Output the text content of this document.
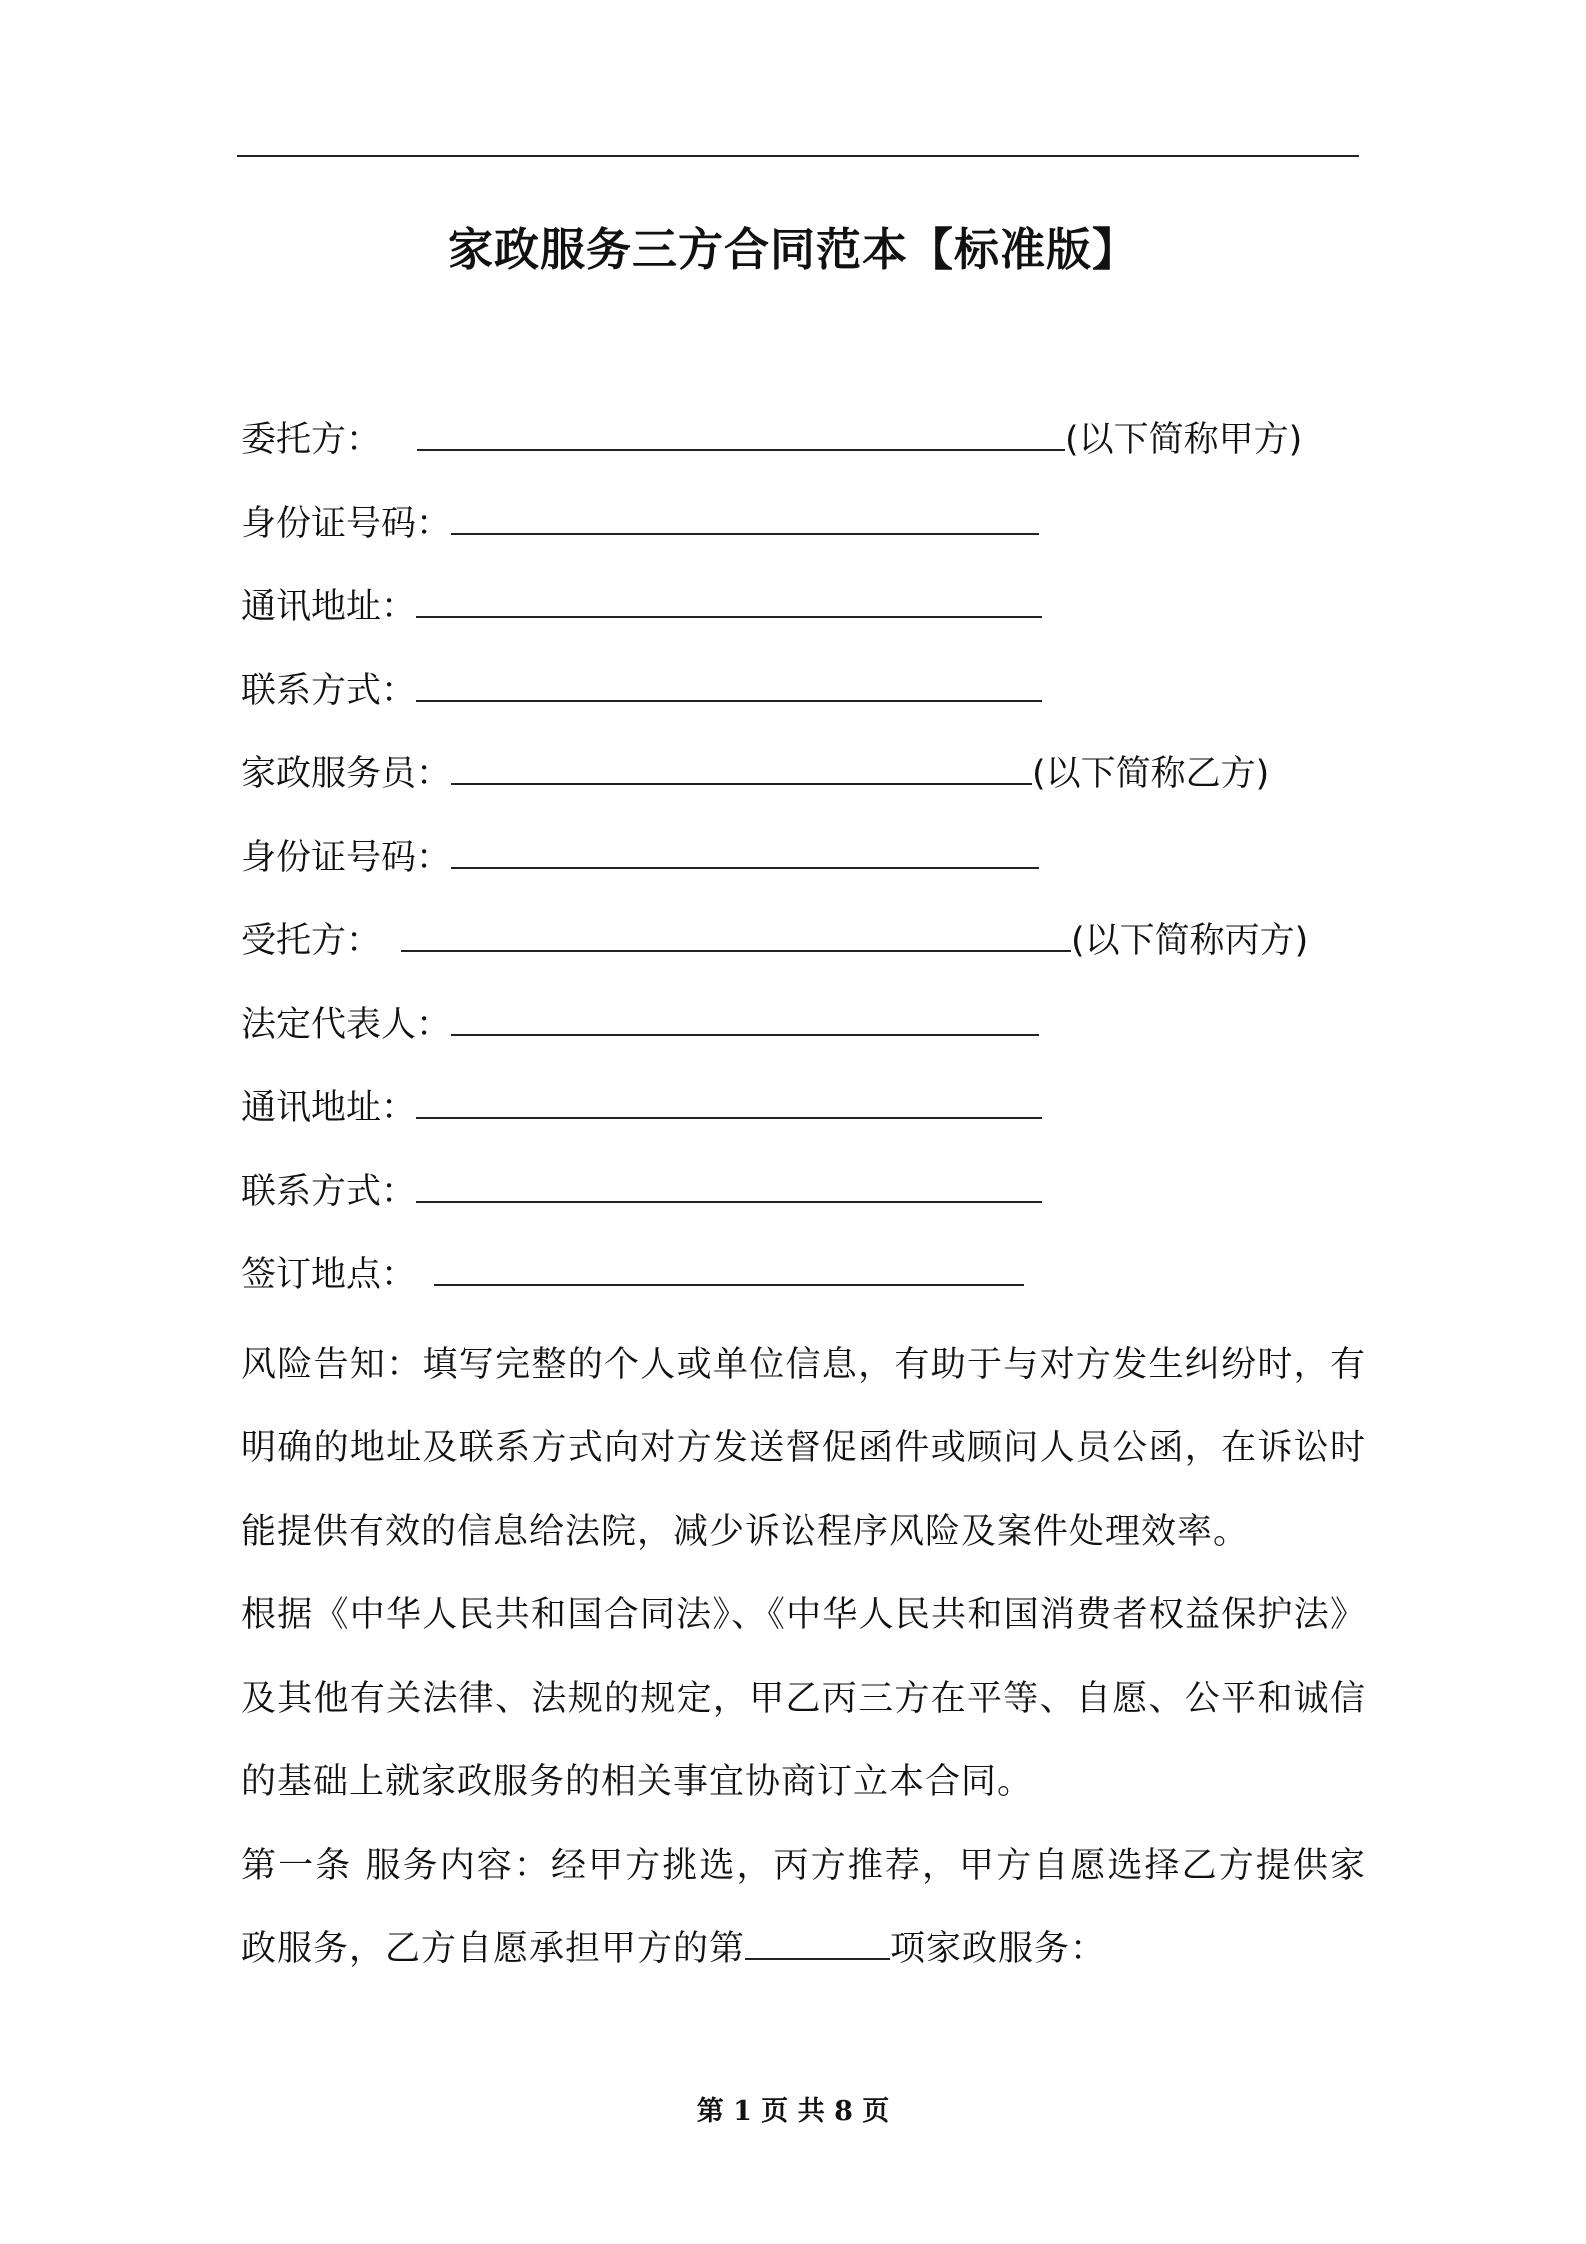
家政服务三方合同范本【标准版】
委托方：	(以下简称甲方)
身份证号码：
通讯地址：
联系方式：
家政服务员：	(以下简称乙方)
身份证号码：
受托方：	(以下简称丙方)
法定代表人：
通讯地址：
联系方式：
签订地点：

风险告知：填写完整的个人或单位信息，有助于与对方发生纠纷时，有明确的地址及联系方式向对方发送督促函件或顾问人员公函，在诉讼时能提供有效的信息给法院，减少诉讼程序风险及案件处理效率。

根据《中华人民共和国合同法》、《中华人民共和国消费者权益保护法》及其他有关法律、法规的规定，甲乙丙三方在平等、自愿、公平和诚信的基础上就家政服务的相关事宜协商订立本合同。

第一条 服务内容：经甲方挑选，丙方推荐，甲方自愿选择乙方提供家政服务，乙方自愿承担甲方的第	项家政服务：

第 1 页 共 8 页
